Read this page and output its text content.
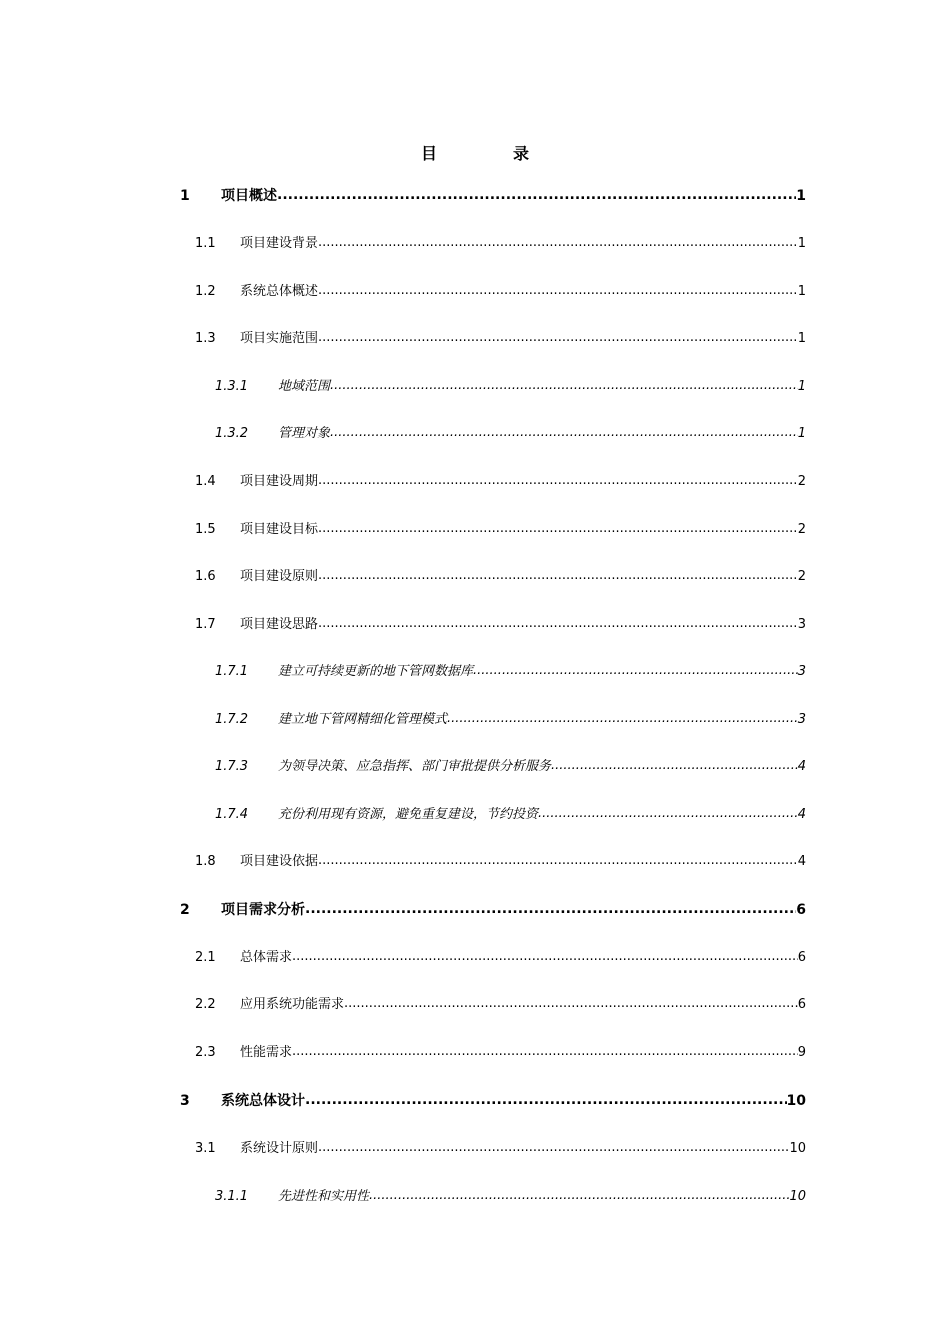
目　录
1	项目概述 .....	1
1.1	项目建设背景 .....	1
1.2	系统总体概述 .....	1
1.3	项目实施范围 .....	1
1.3.1	地域范围 .....	1
1.3.2	管理对象 .....	1
1.4	项目建设周期 .....	2
1.5	项目建设目标 .....	2
1.6	项目建设原则 .....	2
1.7	项目建设思路 .....	3
1.7.1	建立可持续更新的地下管网数据库 .....	3
1.7.2	建立地下管网精细化管理模式 .....	3
1.7.3	为领导决策、应急指挥、部门审批提供分析服务 .....	4
1.7.4	充份利用现有资源，避免重复建设，节约投资 .....	4
1.8	项目建设依据 .....	4
2	项目需求分析 .....	6
2.1	总体需求 .....	6
2.2	应用系统功能需求 .....	6
2.3	性能需求 .....	9
3	系统总体设计 .....	10
3.1	系统设计原则 .....	10
3.1.1	先进性和实用性 .....	10
